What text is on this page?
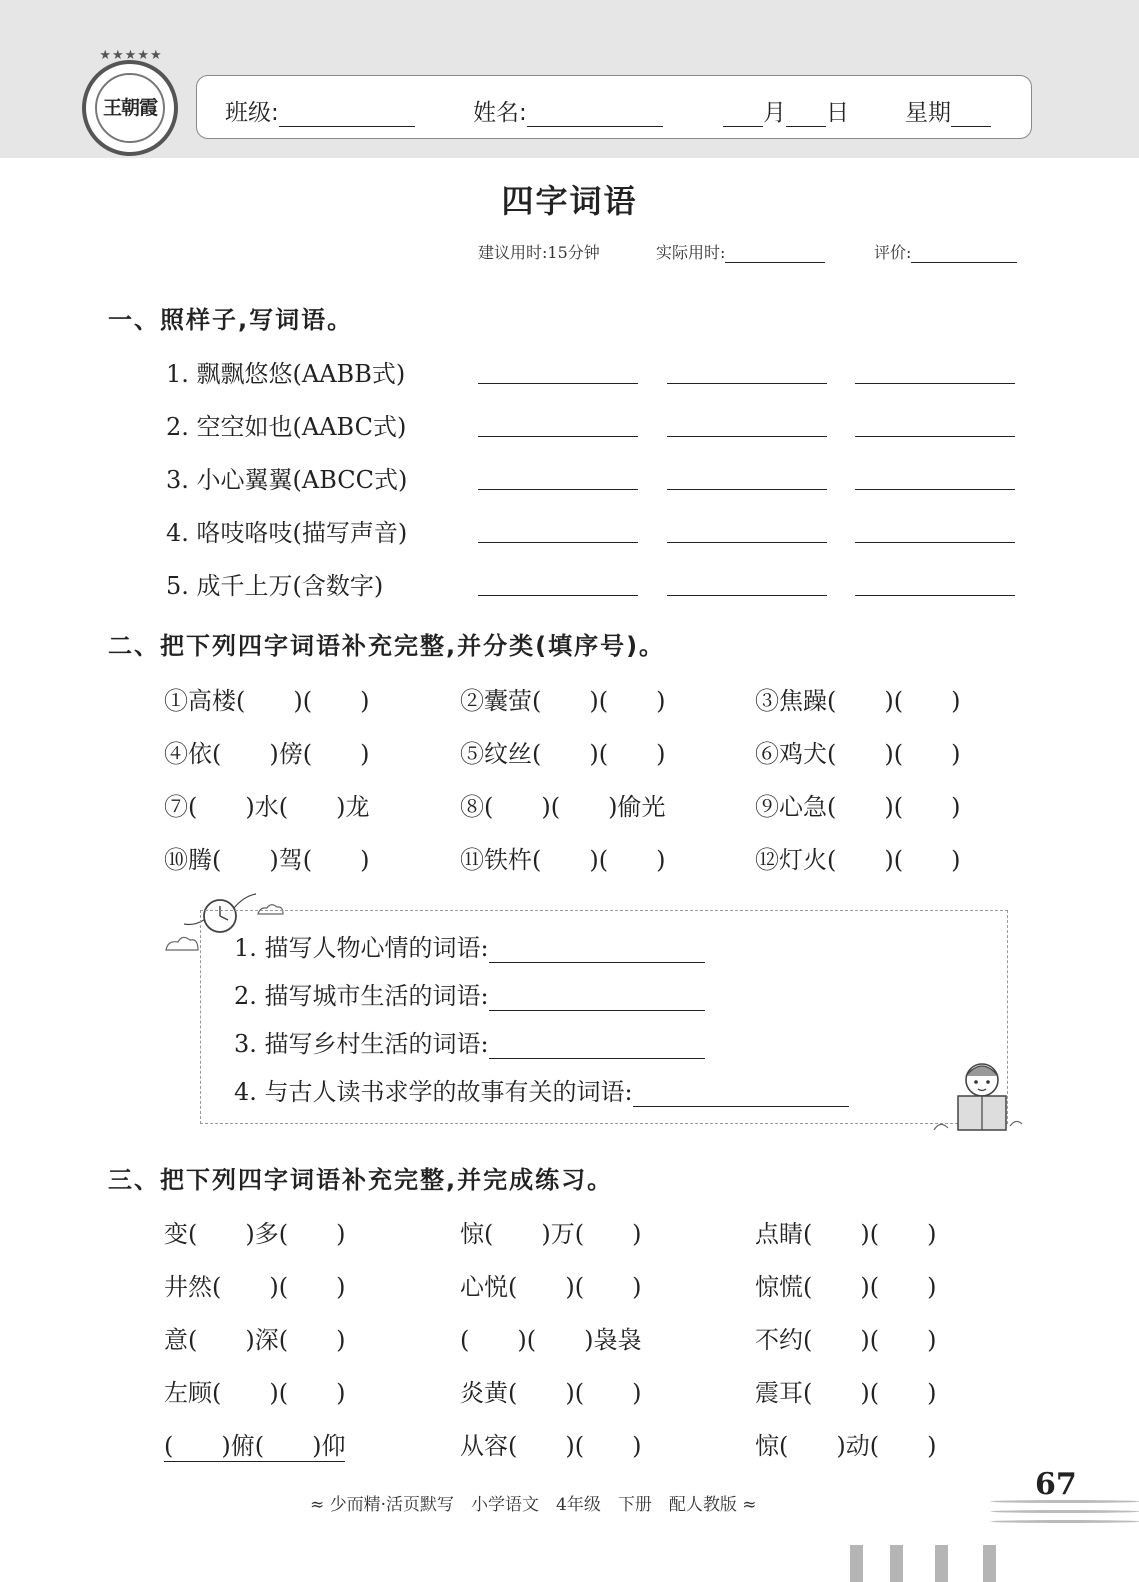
★★★★★
王朝霞	班级:	姓名:	月 日 星期
四字词语
建议用时:15分钟	实际用时:	评价:
一、照样子,写词语。
1. 飘飘悠悠(AABB式)
2. 空空如也(AABC式)
3. 小心翼翼(ABCC式)
4. 咯吱咯吱(描写声音)
5. 成千上万(含数字)
二、把下列四字词语补充完整,并分类(填序号)。
①高楼(　　)(　　)	②囊萤(　　)(　　)	③焦躁(　　)(　　)
④依(　　)傍(　　)	⑤纹丝(　　)(　　)	⑥鸡犬(　　)(　　)
⑦(　　)水(　　)龙	⑧(　　)(　　)偷光	⑨心急(　　)(　　)
⑩腾(　　)驾(　　)	⑪铁杵(　　)(　　)	⑫灯火(　　)(　　)
1. 描写人物心情的词语:
2. 描写城市生活的词语:
3. 描写乡村生活的词语:
4. 与古人读书求学的故事有关的词语:
三、把下列四字词语补充完整,并完成练习。
变(　　)多(　　)	惊(　　)万(　　)	点睛(　　)(　　)
井然(　　)(　　)	心悦(　　)(　　)	惊慌(　　)(　　)
意(　　)深(　　)	(　　)(　　)袅袅	不约(　　)(　　)
左顾(　　)(　　)	炎黄(　　)(　　)	震耳(　　)(　　)
(　　)俯(　　)仰	从容(　　)(　　)	惊(　　)动(　　)
≈ 少而精·活页默写　小学语文　4年级　下册　配人教版 ≈
67
